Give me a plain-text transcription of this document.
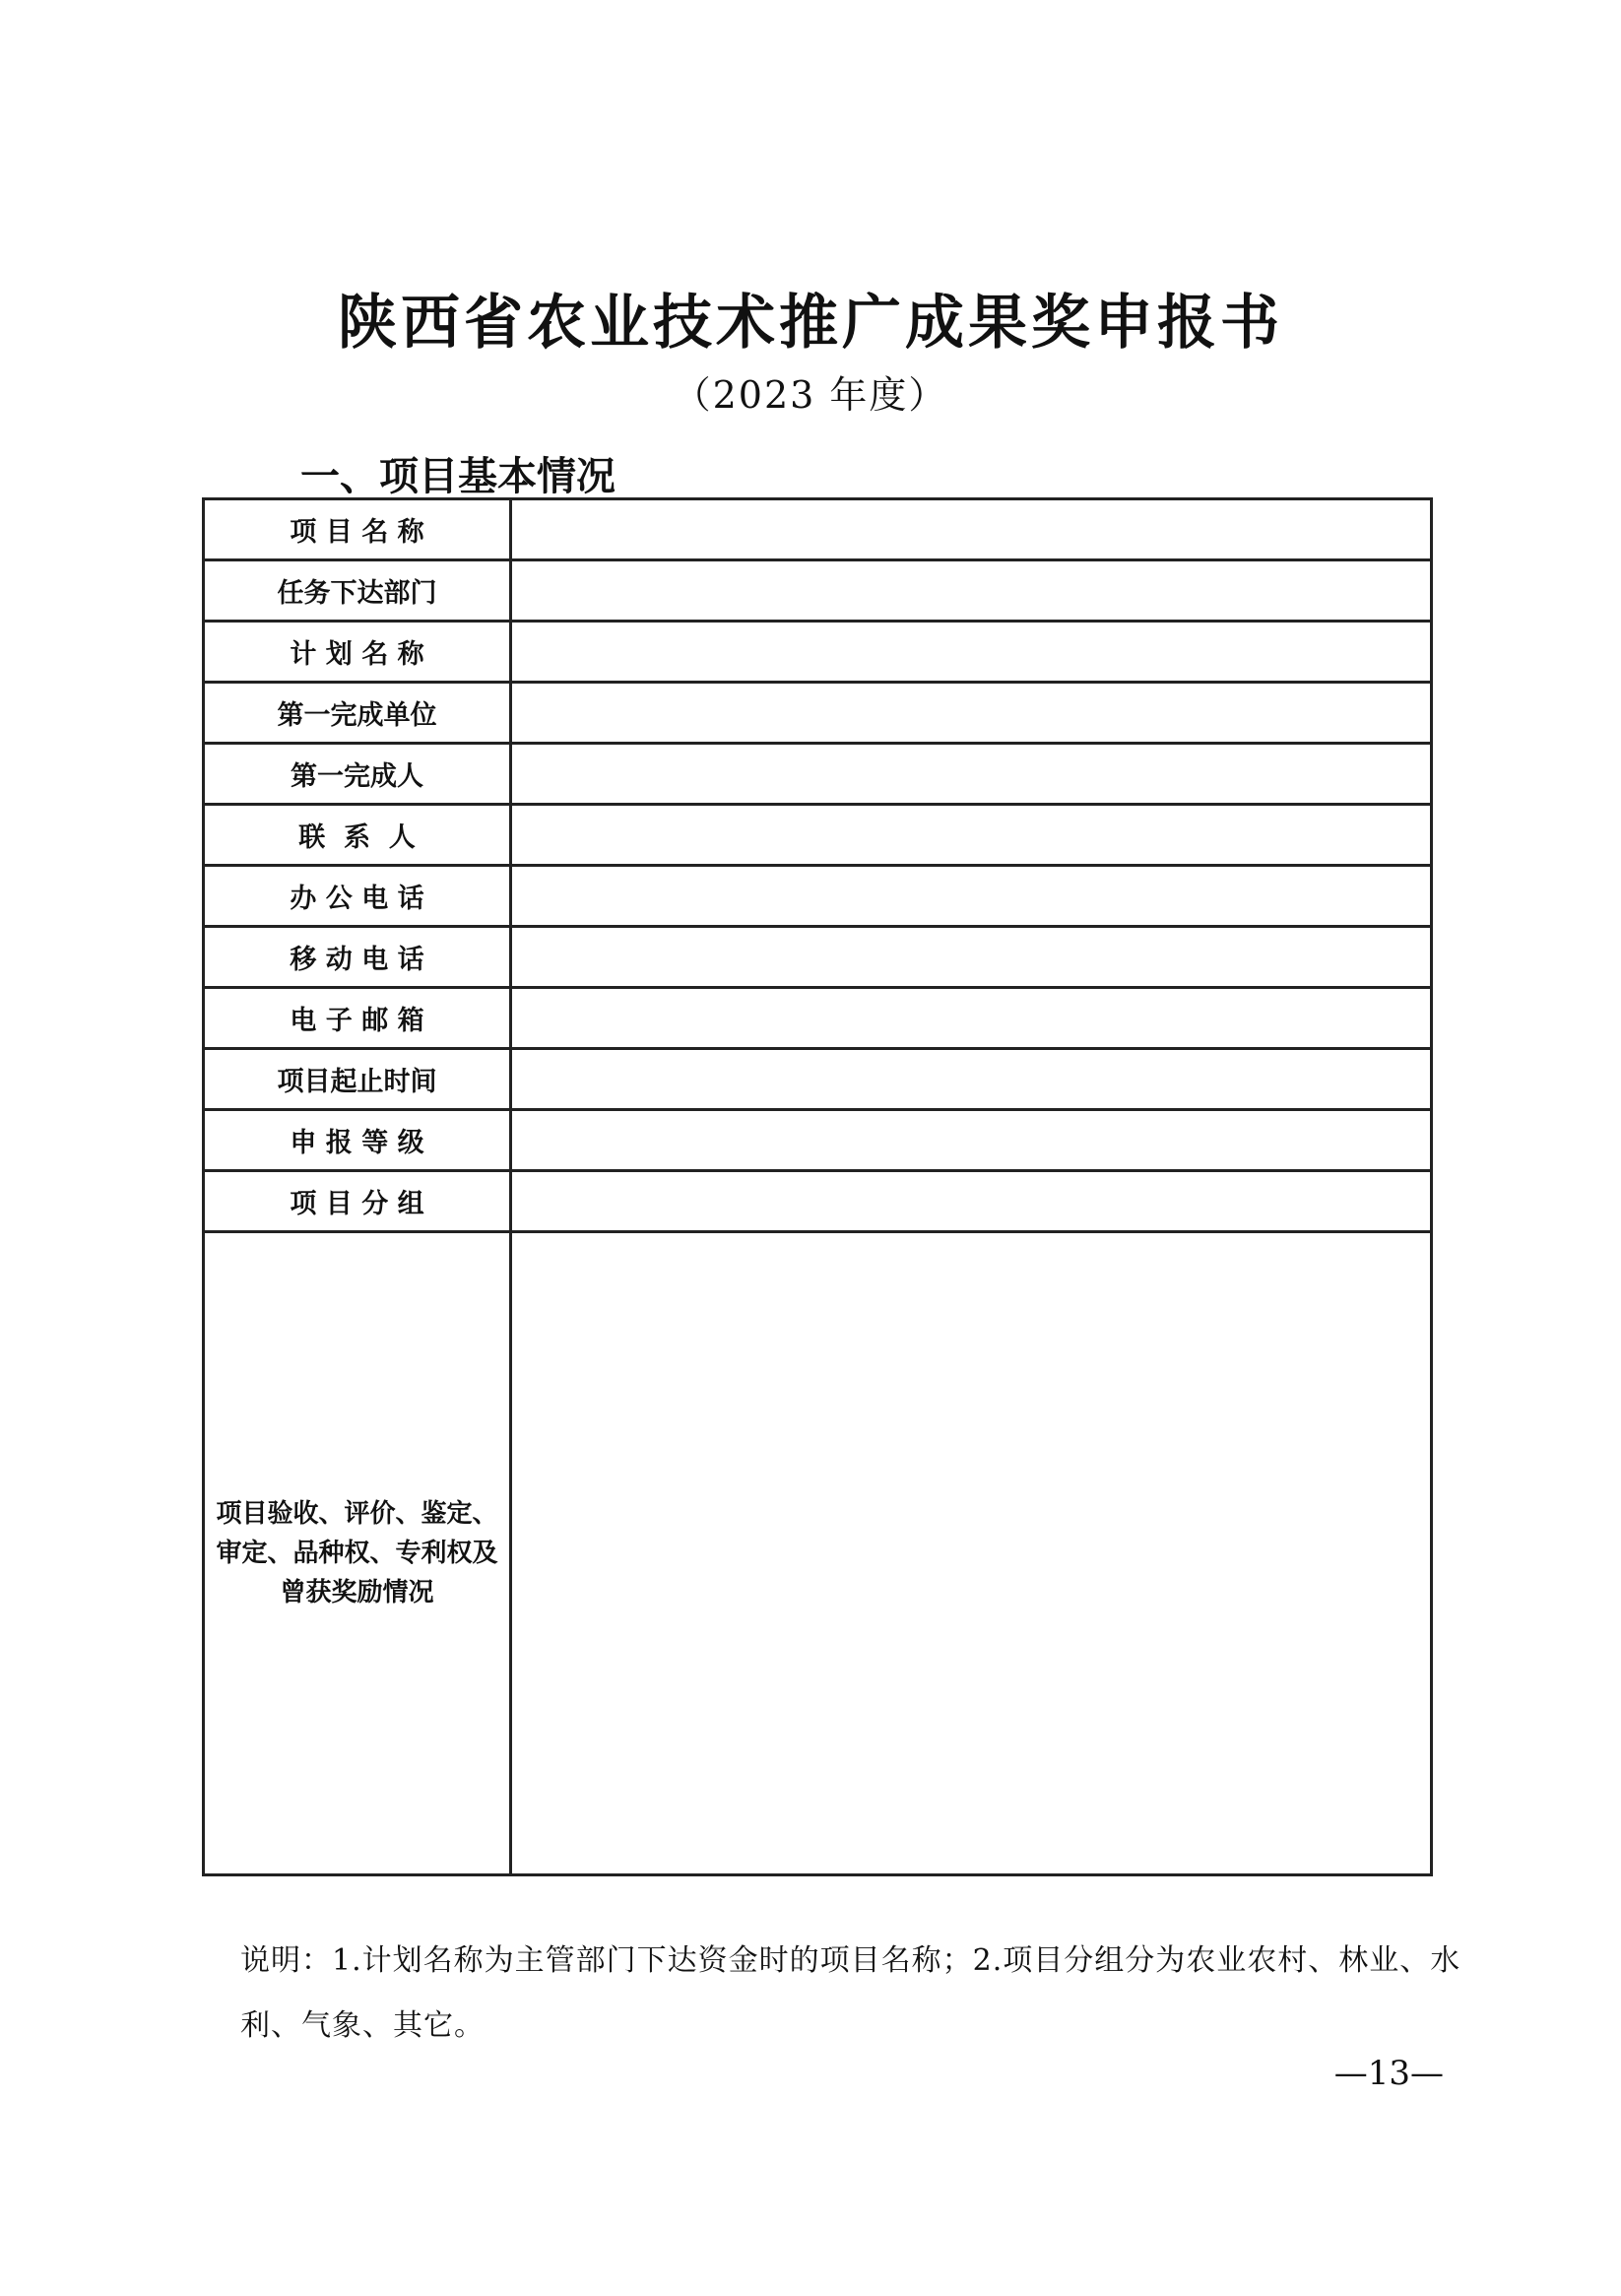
陕西省农业技术推广成果奖申报书
（2023 年度）
一、项目基本情况
项 目 名 称	
任务下达部门	
计 划 名 称	
第一完成单位	
第一完成人	
联  系  人	
办 公 电 话	
移 动 电 话	
电 子 邮 箱	
项目起止时间	
申 报 等 级	
项 目 分 组	
项目验收、评价、鉴定、审定、品种权、专利权及曾获奖励情况	
说明：1.计划名称为主管部门下达资金时的项目名称；2.项目分组分为农业农村、林业、水利、气象、其它。
—13—
